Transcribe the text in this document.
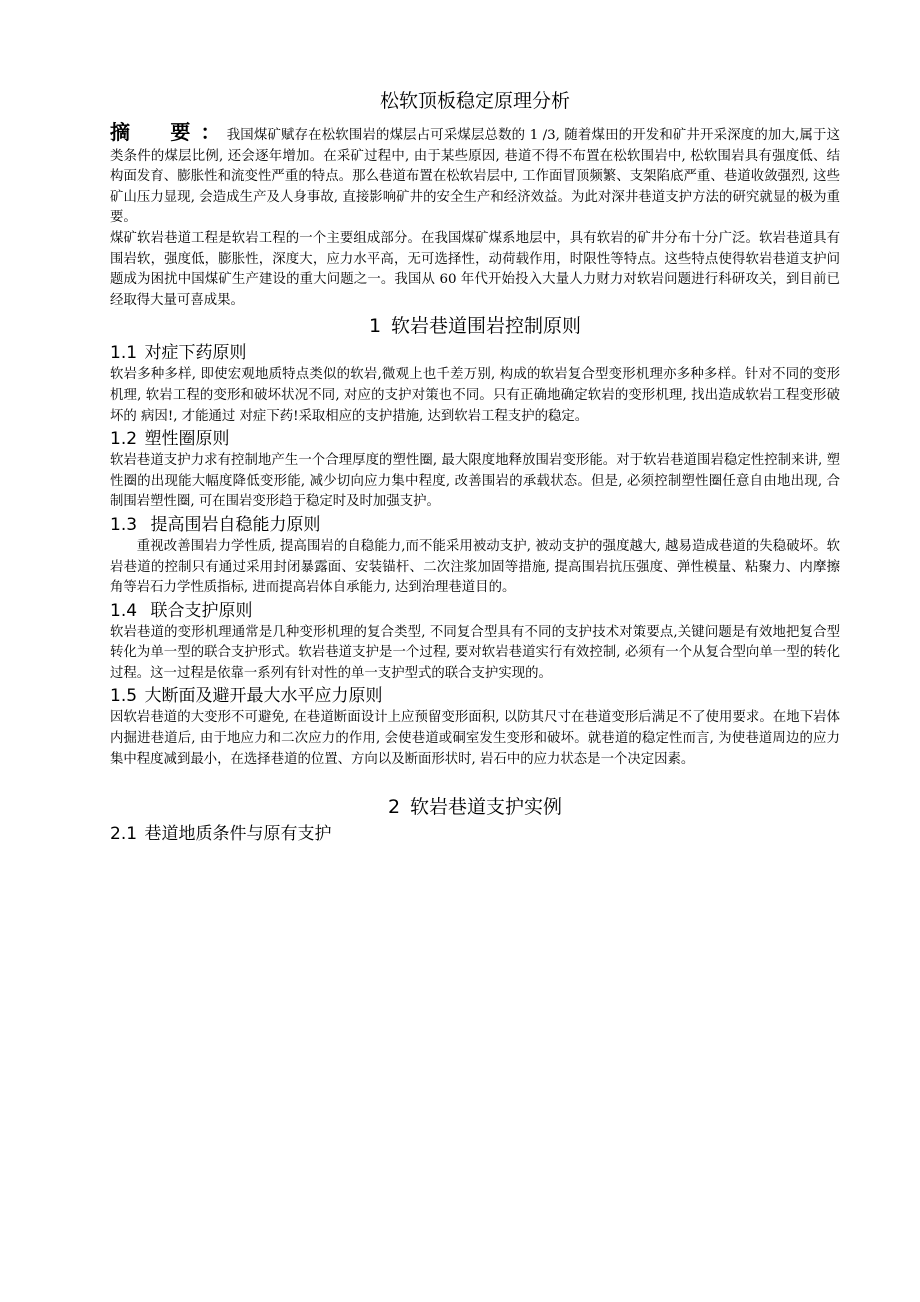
松软顶板稳定原理分析

摘　要： 我国煤矿赋存在松软围岩的煤层占可采煤层总数的 1 /3, 随着煤田的开发和矿井开采深度的加大,属于这类条件的煤层比例, 还会逐年增加。在采矿过程中, 由于某些原因, 巷道不得不布置在松软围岩中, 松软围岩具有强度低、结构面发育、膨胀性和流变性严重的特点。那么巷道布置在松软岩层中, 工作面冒顶频繁、支架陷底严重、巷道收敛强烈, 这些矿山压力显现, 会造成生产及人身事故, 直接影响矿井的安全生产和经济效益。为此对深井巷道支护方法的研究就显的极为重要。

煤矿软岩巷道工程是软岩工程的一个主要组成部分。在我国煤矿煤系地层中，具有软岩的矿井分布十分广泛。软岩巷道具有围岩软，强度低，膨胀性，深度大，应力水平高，无可选择性，动荷载作用，时限性等特点。这些特点使得软岩巷道支护问题成为困扰中国煤矿生产建设的重大问题之一。我国从 60 年代开始投入大量人力财力对软岩问题进行科研攻关，到目前已经取得大量可喜成果。

1 软岩巷道围岩控制原则
1.1 对症下药原则

软岩多种多样, 即使宏观地质特点类似的软岩,微观上也千差万别, 构成的软岩复合型变形机理亦多种多样。针对不同的变形机理, 软岩工程的变形和破坏状况不同, 对应的支护对策也不同。只有正确地确定软岩的变形机理, 找出造成软岩工程变形破坏的 病因!, 才能通过 对症下药!采取相应的支护措施, 达到软岩工程支护的稳定。

1.2 塑性圈原则

软岩巷道支护力求有控制地产生一个合理厚度的塑性圈, 最大限度地释放围岩变形能。对于软岩巷道围岩稳定性控制来讲, 塑性圈的出现能大幅度降低变形能, 减少切向应力集中程度, 改善围岩的承载状态。但是, 必须控制塑性圈任意自由地出现, 合制围岩塑性圈, 可在围岩变形趋于稳定时及时加强支护。

1.3 提高围岩自稳能力原则

重视改善围岩力学性质, 提高围岩的自稳能力,而不能采用被动支护, 被动支护的强度越大, 越易造成巷道的失稳破坏。软岩巷道的控制只有通过采用封闭暴露面、安装锚杆、二次注浆加固等措施, 提高围岩抗压强度、弹性模量、粘聚力、内摩擦角等岩石力学性质指标, 进而提高岩体自承能力, 达到治理巷道目的。

1.4 联合支护原则

软岩巷道的变形机理通常是几种变形机理的复合类型, 不同复合型具有不同的支护技术对策要点,关键问题是有效地把复合型转化为单一型的联合支护形式。软岩巷道支护是一个过程, 要对软岩巷道实行有效控制, 必须有一个从复合型向单一型的转化过程。这一过程是依靠一系列有针对性的单一支护型式的联合支护实现的。

1.5 大断面及避开最大水平应力原则

因软岩巷道的大变形不可避免, 在巷道断面设计上应预留变形面积, 以防其尺寸在巷道变形后满足不了使用要求。在地下岩体内掘进巷道后, 由于地应力和二次应力的作用, 会使巷道或硐室发生变形和破坏。就巷道的稳定性而言, 为使巷道周边的应力集中程度减到最小，在选择巷道的位置、方向以及断面形状时, 岩石中的应力状态是一个决定因素。

2 软岩巷道支护实例
2.1 巷道地质条件与原有支护
